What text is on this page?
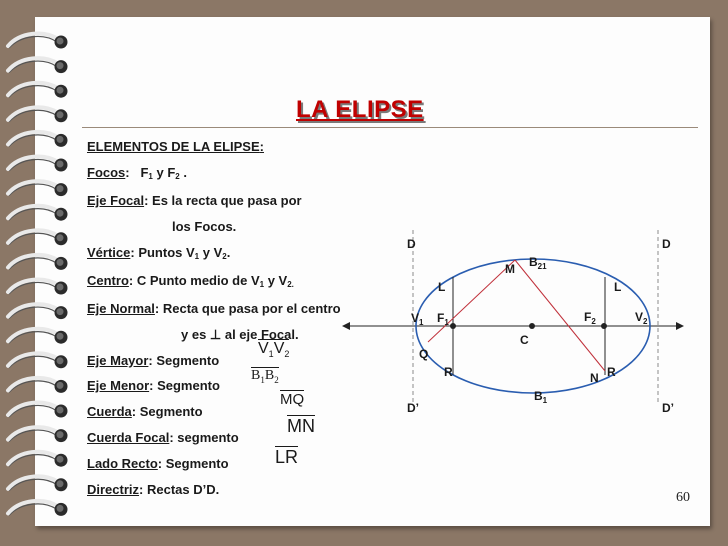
LA ELIPSE
ELEMENTOS DE LA ELIPSE:
Focos:   $F_1$ y $F_2$ .
Eje Focal: Es la recta que pasa por
los Focos.
Vértice: Puntos $V_1$ y $V_2$.
Centro: C Punto medio de $V_1$ y $V_{2.}$
Eje Normal: Recta que pasa por el centro
y es ⊥ al eje Focal.
Eje Mayor: Segmento
$V_1V_2$
Eje Menor: Segmento
$B_1B_2$
Cuerda: Segmento
MQ
Cuerda Focal: segmento
MN
Lado Recto: Segmento	LR
Directriz: Rectas D’D.
D	D
D’	D’
M $B_{21}$
L	L
$V_1$ $F_1$	$F_2$	$V_2$
C
Q
R	R
N
$B_1$
60
